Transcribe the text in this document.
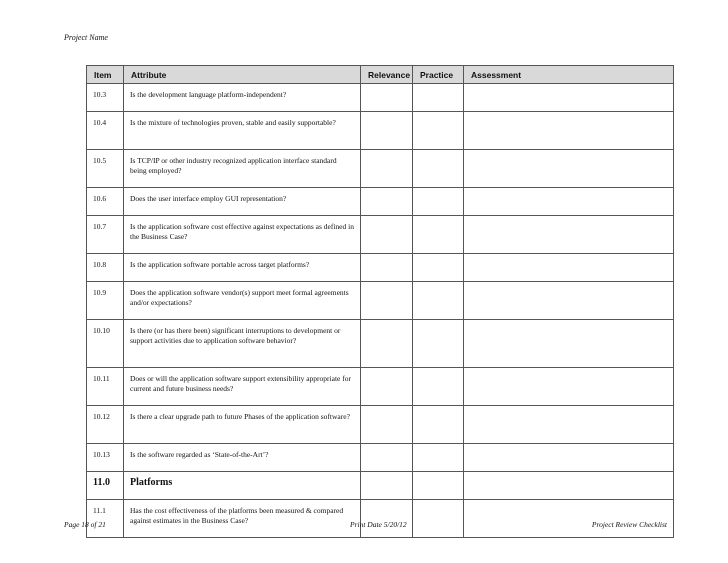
Project Name
Item	Attribute	Relevance	Practice	Assessment
10.3	Is the development language platform-independent?			
10.4	Is the mixture of technologies proven, stable and easily supportable?			
10.5	Is TCP/IP or other industry recognized application interface standard being employed?			
10.6	Does the user interface employ GUI representation?			
10.7	Is the application software cost effective against expectations as defined in the Business Case?			
10.8	Is the application software portable across target platforms?			
10.9	Does the application software vendor(s) support meet formal agreements and/or expectations?			
10.10	Is there (or has there been) significant interruptions to development or support activities due to application software behavior?			
10.11	Does or will the application software support extensibility appropriate for current and future business needs?			
10.12	Is there a clear upgrade path to future Phases of the application software?			
10.13	Is the software regarded as ‘State-of-the-Art’?			
11.0	Platforms			
11.1	Has the cost effectiveness of the platforms been measured & compared against estimates in the Business Case?			
Page 18 of 21	Print Date 5/20/12	Project Review Checklist
